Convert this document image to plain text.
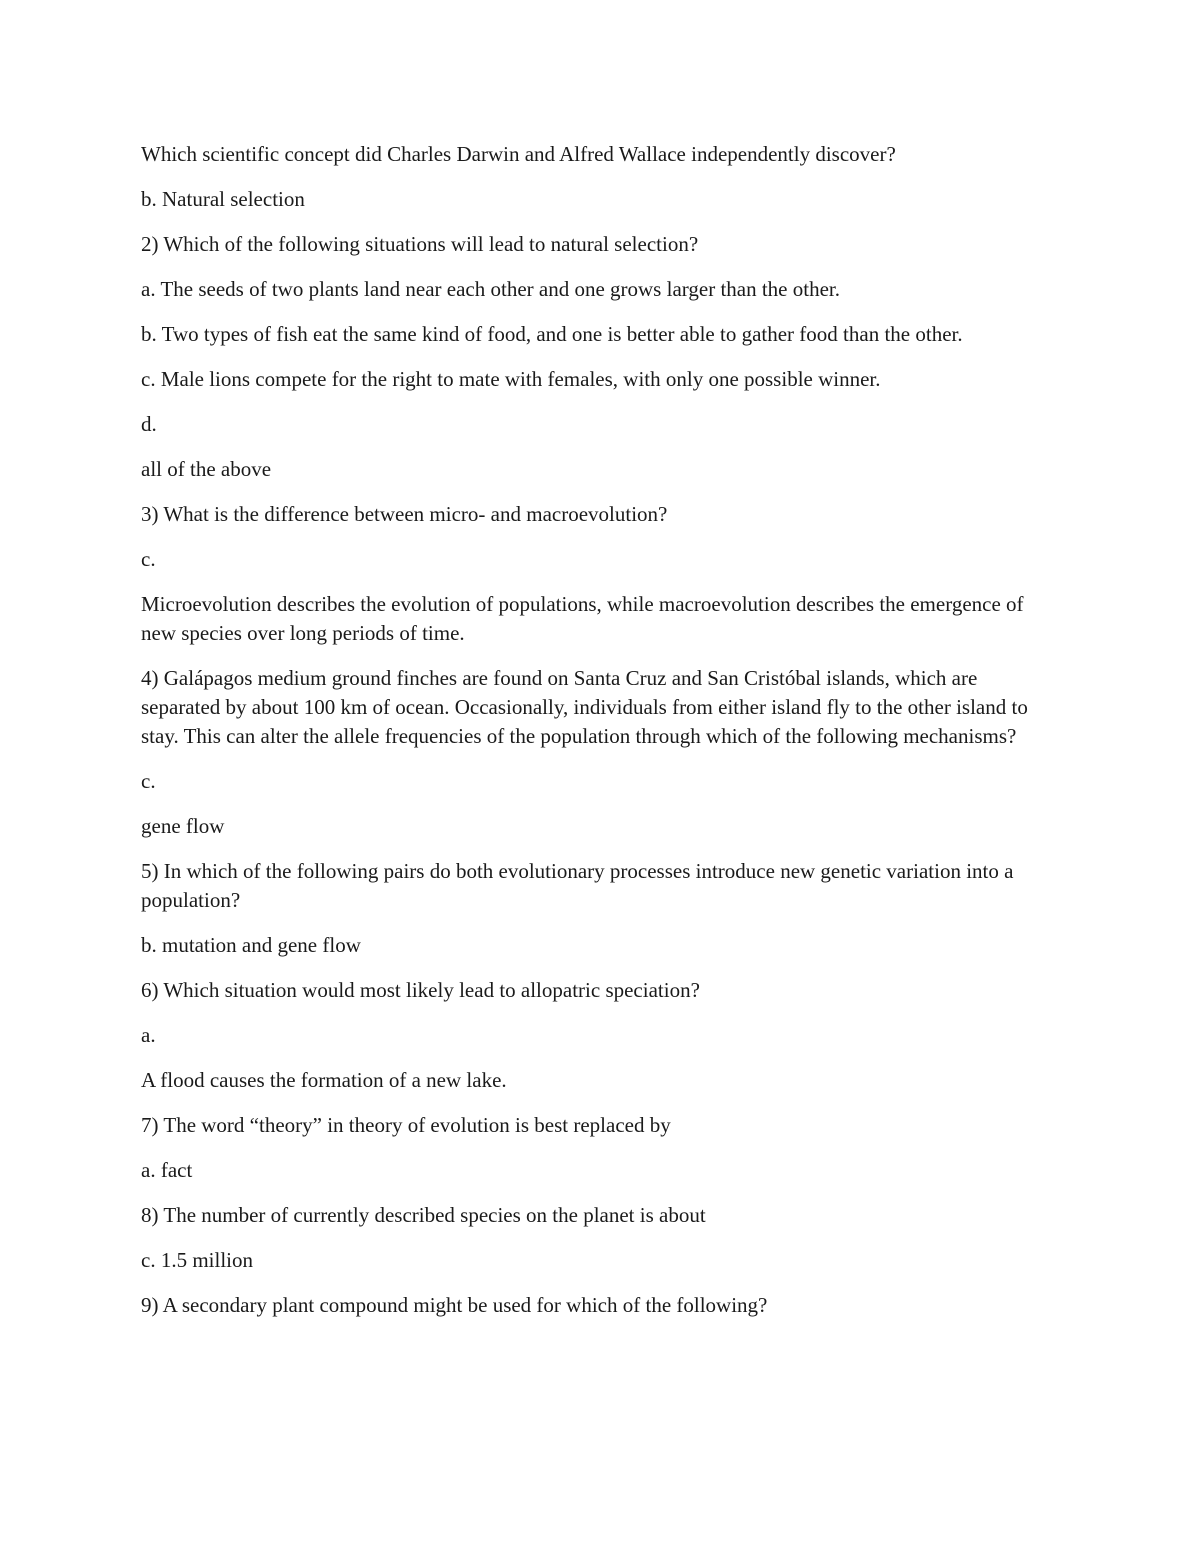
Which scientific concept did Charles Darwin and Alfred Wallace independently discover?

b. Natural selection

2) Which of the following situations will lead to natural selection?

a. The seeds of two plants land near each other and one grows larger than the other.

b. Two types of fish eat the same kind of food, and one is better able to gather food than the other.

c. Male lions compete for the right to mate with females, with only one possible winner.

d.

all of the above

3) What is the difference between micro- and macroevolution?

c.

Microevolution describes the evolution of populations, while macroevolution describes the emergence of new species over long periods of time.

4) Galápagos medium ground finches are found on Santa Cruz and San Cristóbal islands, which are separated by about 100 km of ocean. Occasionally, individuals from either island fly to the other island to stay. This can alter the allele frequencies of the population through which of the following mechanisms?

c.

gene flow

5) In which of the following pairs do both evolutionary processes introduce new genetic variation into a population?

b. mutation and gene flow

6) Which situation would most likely lead to allopatric speciation?

a.

A flood causes the formation of a new lake.

7) The word “theory” in theory of evolution is best replaced by

a. fact

8) The number of currently described species on the planet is about

c. 1.5 million

9) A secondary plant compound might be used for which of the following?
